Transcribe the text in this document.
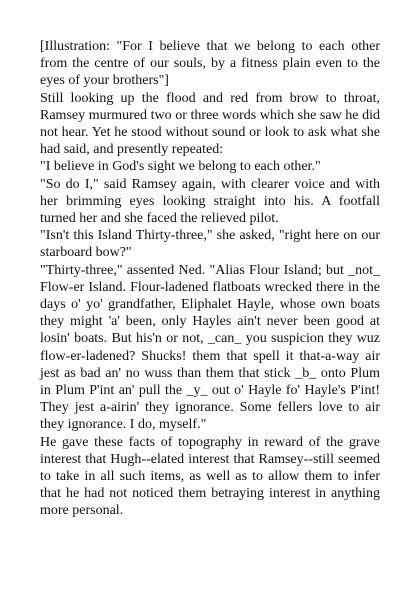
[Illustration: "For I believe that we belong to each other from the centre of our souls, by a fitness plain even to the eyes of your brothers"]

Still looking up the flood and red from brow to throat, Ramsey murmured two or three words which she saw he did not hear. Yet he stood without sound or look to ask what she had said, and presently repeated:

"I believe in God's sight we belong to each other."

"So do I," said Ramsey again, with clearer voice and with her brimming eyes looking straight into his. A footfall turned her and she faced the relieved pilot.

"Isn't this Island Thirty-three," she asked, "right here on our starboard bow?"

"Thirty-three," assented Ned. "Alias Flour Island; but _not_ Flow-er Island. Flour-ladened flatboats wrecked there in the days o' yo' grandfather, Eliphalet Hayle, whose own boats they might 'a' been, only Hayles ain't never been good at losin' boats. But his'n or not, _can_ you suspicion they wuz flow-er-ladened? Shucks! them that spell it that-a-way air jest as bad an' no wuss than them that stick _b_ onto Plum in Plum P'int an' pull the _y_ out o' Hayle fo' Hayle's P'int! They jest a-airin' they ignorance. Some fellers love to air they ignorance. I do, myself."

He gave these facts of topography in reward of the grave interest that Hugh--elated interest that Ramsey--still seemed to take in all such items, as well as to allow them to infer that he had not noticed them betraying interest in anything more personal.
